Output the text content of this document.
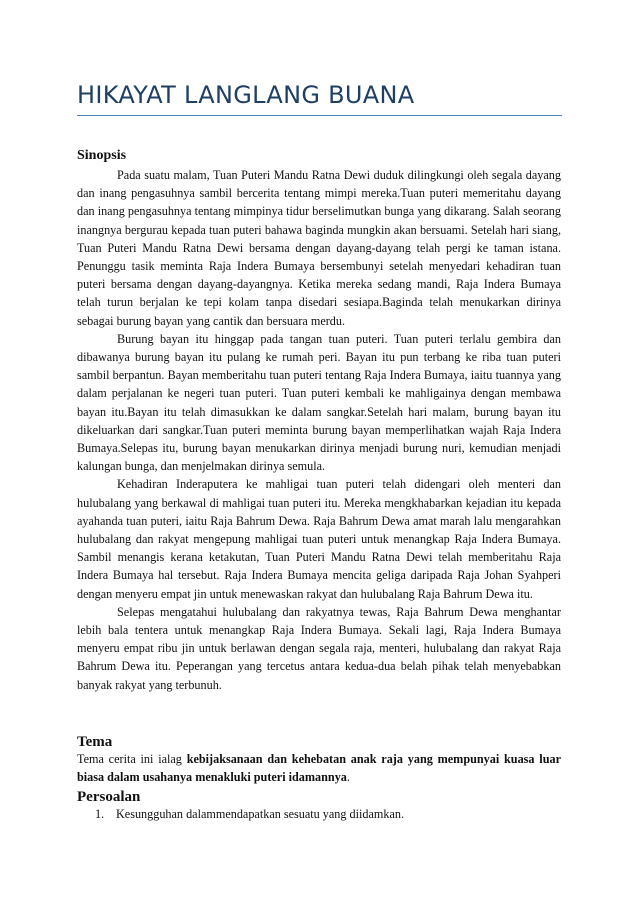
HIKAYAT LANGLANG BUANA
Sinopsis

Pada suatu malam, Tuan Puteri Mandu Ratna Dewi duduk dilingkungi oleh segala dayang dan inang pengasuhnya sambil bercerita tentang mimpi mereka.Tuan puteri memeritahu dayang dan inang pengasuhnya tentang mimpinya tidur berselimutkan bunga yang dikarang. Salah seorang inangnya bergurau kepada tuan puteri bahawa baginda mungkin akan bersuami. Setelah hari siang, Tuan Puteri Mandu Ratna Dewi bersama dengan dayang-dayang telah pergi ke taman istana. Penunggu tasik meminta Raja Indera Bumaya bersembunyi setelah menyedari kehadiran tuan puteri bersama dengan dayang-dayangnya. Ketika mereka sedang mandi, Raja Indera Bumaya telah turun berjalan ke tepi kolam tanpa disedari sesiapa.Baginda telah menukarkan dirinya sebagai burung bayan yang cantik dan bersuara merdu.

Burung bayan itu hinggap pada tangan tuan puteri. Tuan puteri terlalu gembira dan dibawanya burung bayan itu pulang ke rumah peri. Bayan itu pun terbang ke riba tuan puteri sambil berpantun. Bayan memberitahu tuan puteri tentang Raja Indera Bumaya, iaitu tuannya yang dalam perjalanan ke negeri tuan puteri. Tuan puteri kembali ke mahligainya dengan membawa bayan itu.Bayan itu telah dimasukkan ke dalam sangkar.Setelah hari malam, burung bayan itu dikeluarkan dari sangkar.Tuan puteri meminta burung bayan memperlihatkan wajah Raja Indera Bumaya.Selepas itu, burung bayan menukarkan dirinya menjadi burung nuri, kemudian menjadi kalungan bunga, dan menjelmakan dirinya semula.

Kehadiran Inderaputera ke mahligai tuan puteri telah didengari oleh menteri dan hulubalang yang berkawal di mahligai tuan puteri itu. Mereka mengkhabarkan kejadian itu kepada ayahanda tuan puteri, iaitu Raja Bahrum Dewa. Raja Bahrum Dewa amat marah lalu mengarahkan hulubalang dan rakyat mengepung mahligai tuan puteri untuk menangkap Raja Indera Bumaya. Sambil menangis kerana ketakutan, Tuan Puteri Mandu Ratna Dewi telah memberitahu Raja Indera Bumaya hal tersebut. Raja Indera Bumaya mencita geliga daripada Raja Johan Syahperi dengan menyeru empat jin untuk menewaskan rakyat dan hulubalang Raja Bahrum Dewa itu.

Selepas mengatahui hulubalang dan rakyatnya tewas, Raja Bahrum Dewa menghantar lebih bala tentera untuk menangkap Raja Indera Bumaya. Sekali lagi, Raja Indera Bumaya menyeru empat ribu jin untuk berlawan dengan segala raja, menteri, hulubalang dan rakyat Raja Bahrum Dewa itu. Peperangan yang tercetus antara kedua-dua belah pihak telah menyebabkan banyak rakyat yang terbunuh.

Tema

Tema cerita ini ialag kebijaksanaan dan kehebatan anak raja yang mempunyai kuasa luar biasa dalam usahanya menakluki puteri idamannya.

Persoalan
1. Kesungguhan dalammendapatkan sesuatu yang diidamkan.
